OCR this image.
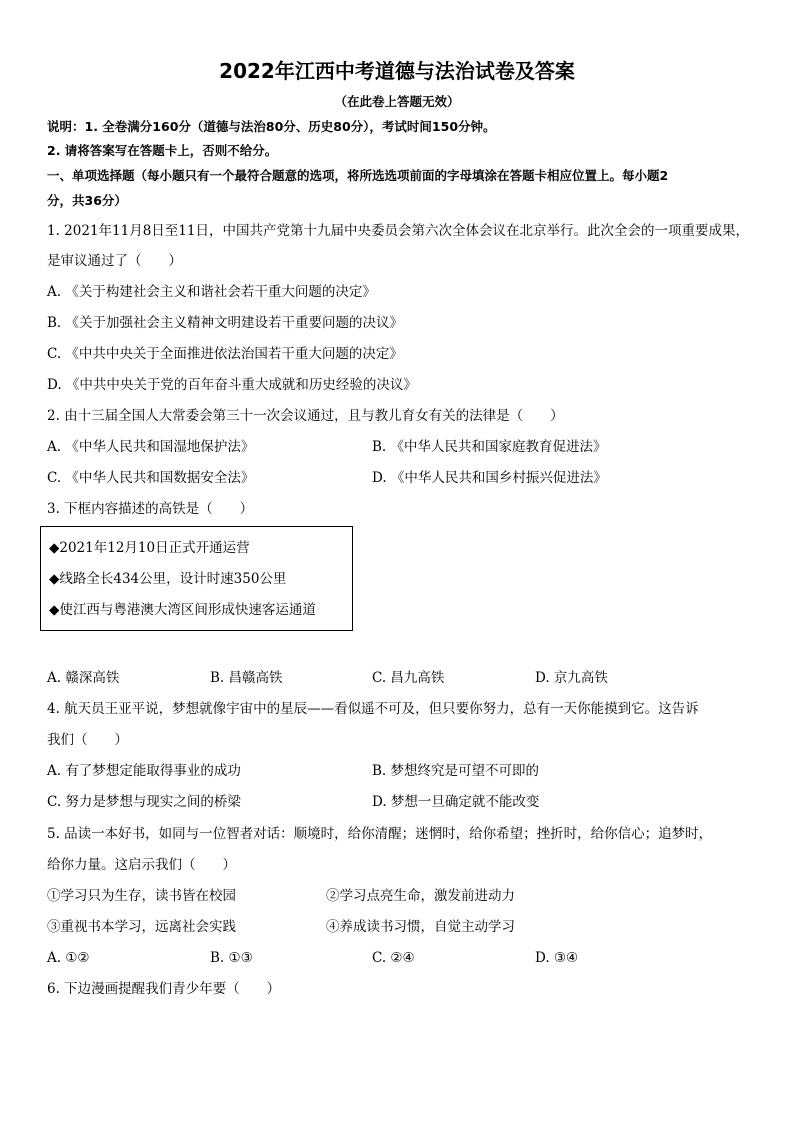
2022年江西中考道德与法治试卷及答案
（在此卷上答题无效）
说明：1. 全卷满分160分（道德与法治80分、历史80分），考试时间150分钟。
2. 请将答案写在答题卡上，否则不给分。
一、单项选择题（每小题只有一个最符合题意的选项，将所选选项前面的字母填涂在答题卡相应位置上。每小题2
分，共36分）
1. 2021年11月8日至11日，中国共产党第十九届中央委员会第六次全体会议在北京举行。此次全会的一项重要成果，
是审议通过了（　　）
A. 《关于构建社会主义和谐社会若干重大问题的决定》
B. 《关于加强社会主义精神文明建设若干重要问题的决议》
C. 《中共中央关于全面推进依法治国若干重大问题的决定》
D. 《中共中央关于党的百年奋斗重大成就和历史经验的决议》
2. 由十三届全国人大常委会第三十一次会议通过，且与教儿育女有关的法律是（　　）
A. 《中华人民共和国湿地保护法》	B. 《中华人民共和国家庭教育促进法》
C. 《中华人民共和国数据安全法》	D. 《中华人民共和国乡村振兴促进法》
3. 下框内容描述的高铁是（　　）
◆2021年12月10日正式开通运营
◆线路全长434公里，设计时速350公里
◆使江西与粤港澳大湾区间形成快速客运通道
A. 赣深高铁	B. 昌赣高铁	C. 昌九高铁	D. 京九高铁
4. 航天员王亚平说，梦想就像宇宙中的星辰——看似遥不可及，但只要你努力，总有一天你能摸到它。这告诉
我们（　　）
A. 有了梦想定能取得事业的成功	B. 梦想终究是可望不可即的
C. 努力是梦想与现实之间的桥梁	D. 梦想一旦确定就不能改变
5. 品读一本好书，如同与一位智者对话：顺境时，给你清醒；迷惘时，给你希望；挫折时，给你信心；追梦时，
给你力量。这启示我们（　　）
①学习只为生存，读书皆在校园	②学习点亮生命，激发前进动力
③重视书本学习，远离社会实践	④养成读书习惯，自觉主动学习
A. ①②	B. ①③	C. ②④	D. ③④
6. 下边漫画提醒我们青少年要（　　）
